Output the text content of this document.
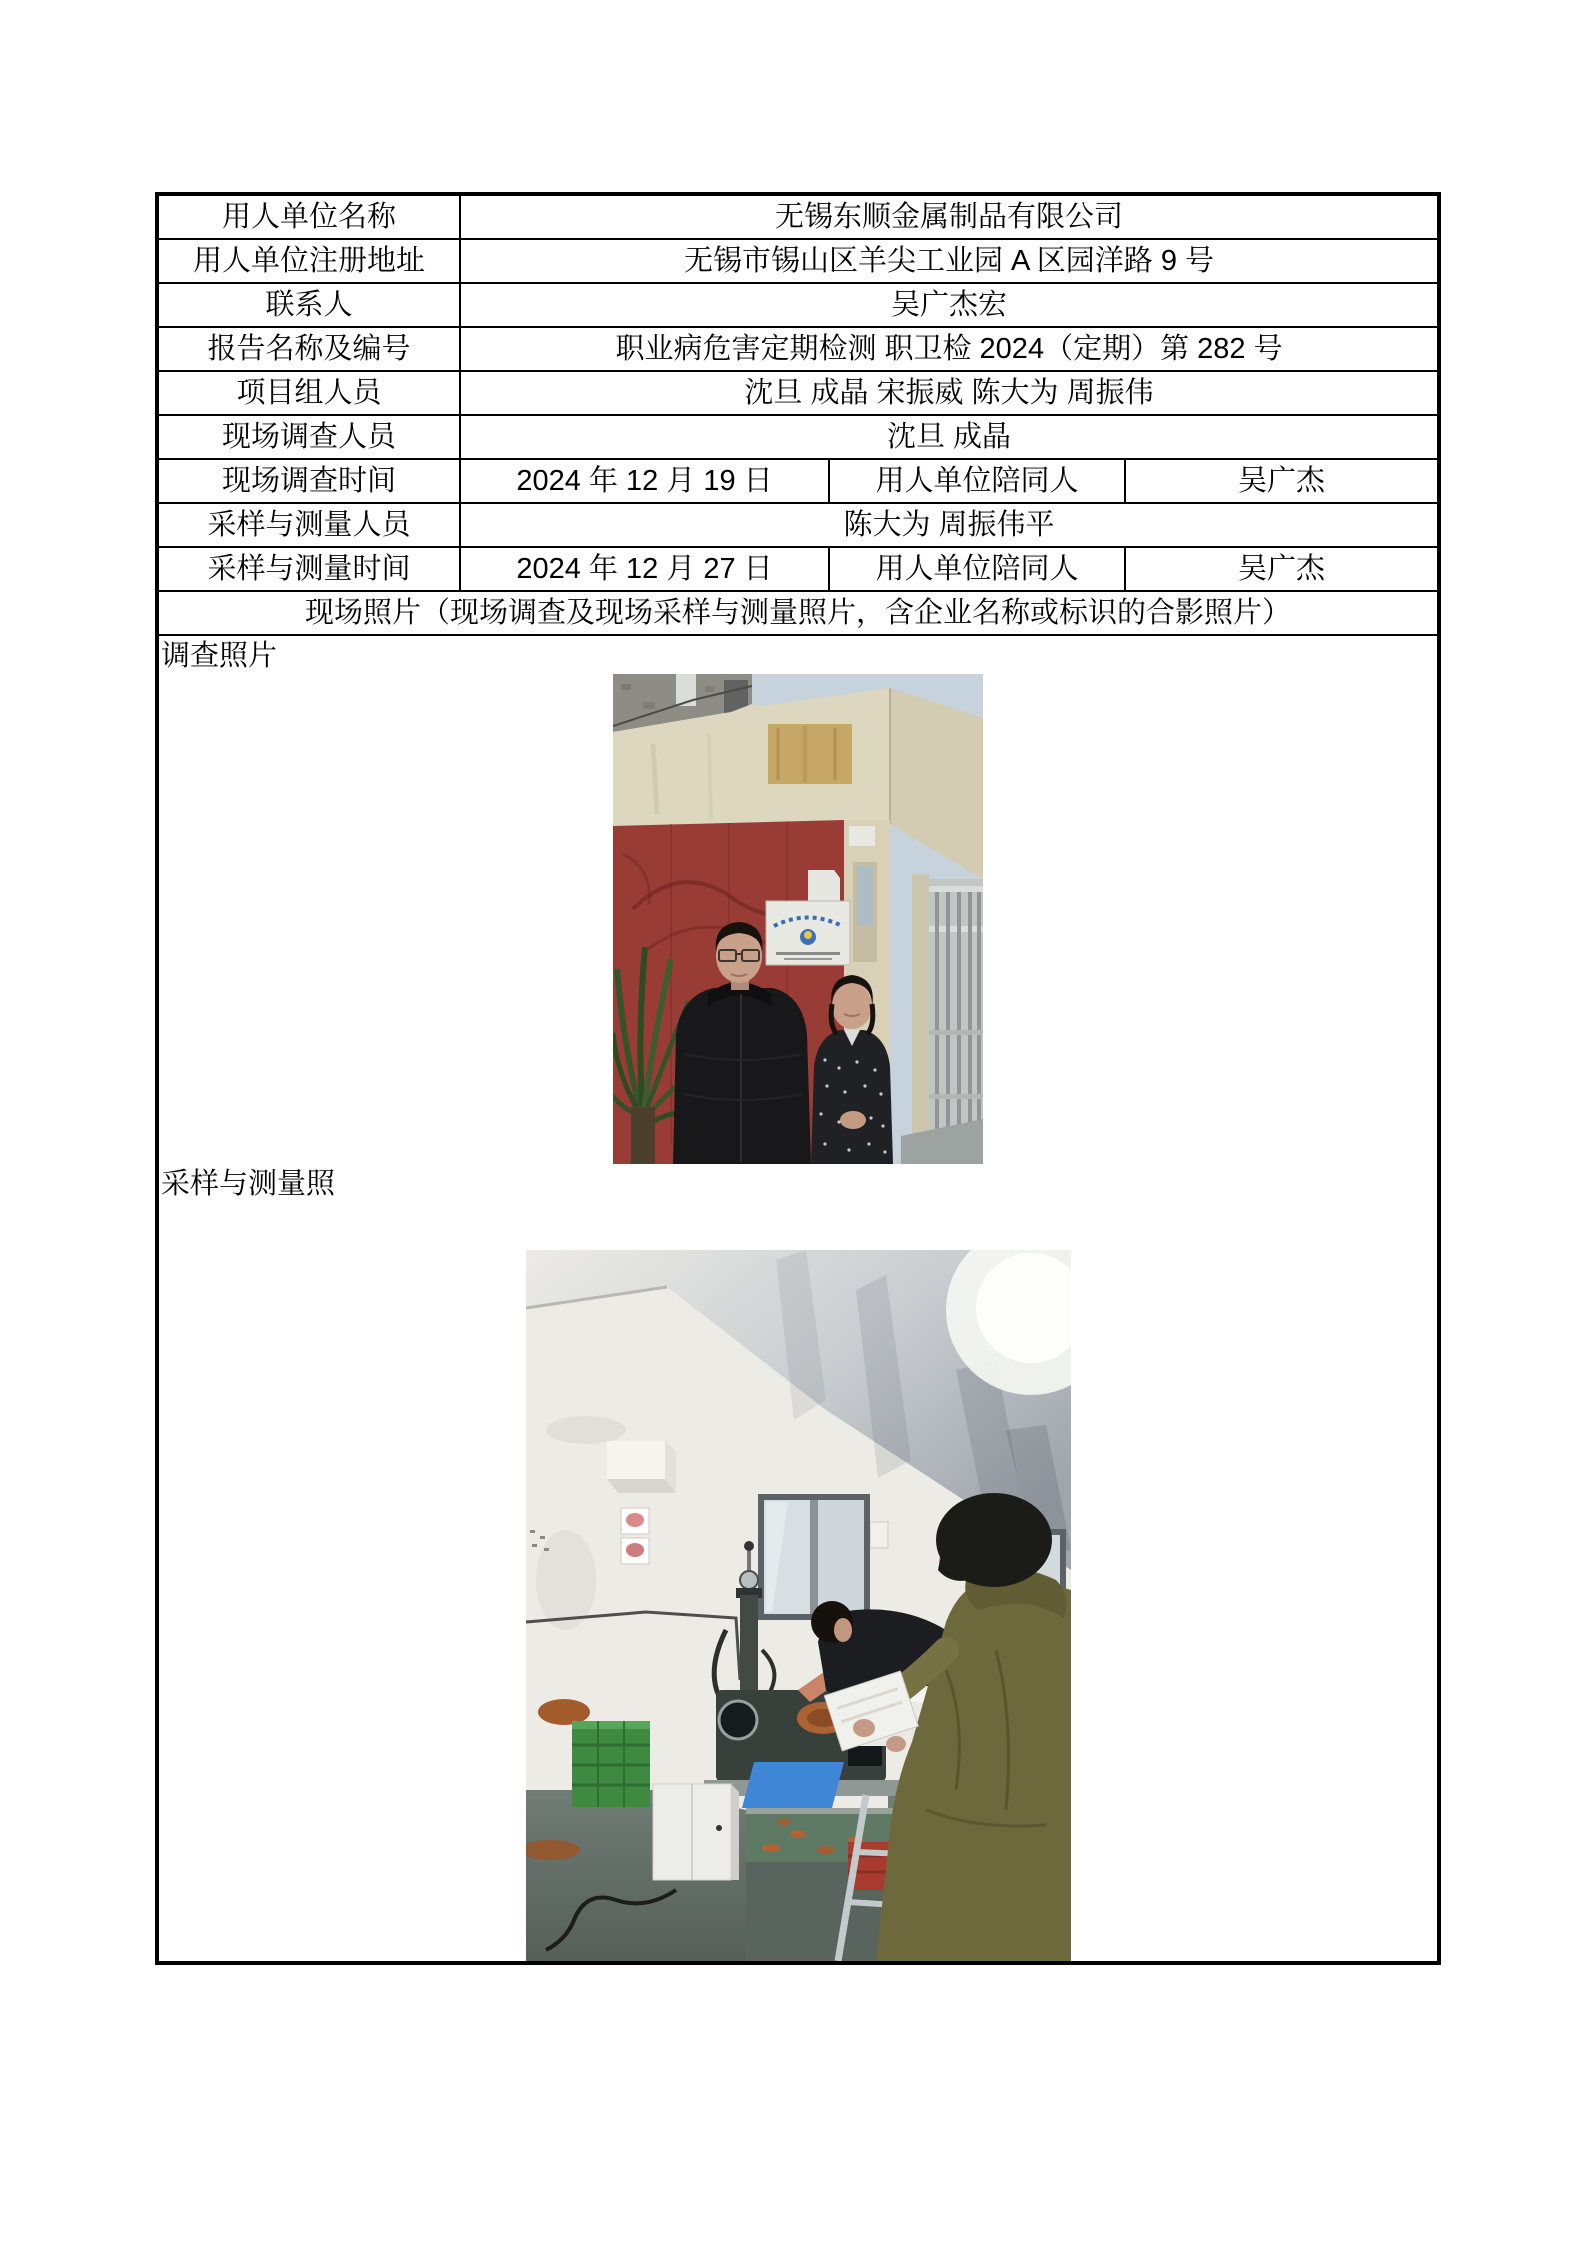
用人单位名称	无锡东顺金属制品有限公司		
用人单位注册地址	无锡市锡山区羊尖工业园 A 区园洋路 9 号		
联系人	吴广杰宏		
报告名称及编号	职业病危害定期检测 职卫检 2024（定期）第 282 号		
项目组人员	沈旦 成晶 宋振威 陈大为 周振伟		
现场调查人员	沈旦 成晶		
现场调查时间	2024 年 12 月 19 日	用人单位陪同人	吴广杰
采样与测量人员	陈大为 周振伟平		
采样与测量时间	2024 年 12 月 27 日	用人单位陪同人	吴广杰
现场照片（现场调查及现场采样与测量照片，含企业名称或标识的合影照片）			

调查照片
采样与测量照			
